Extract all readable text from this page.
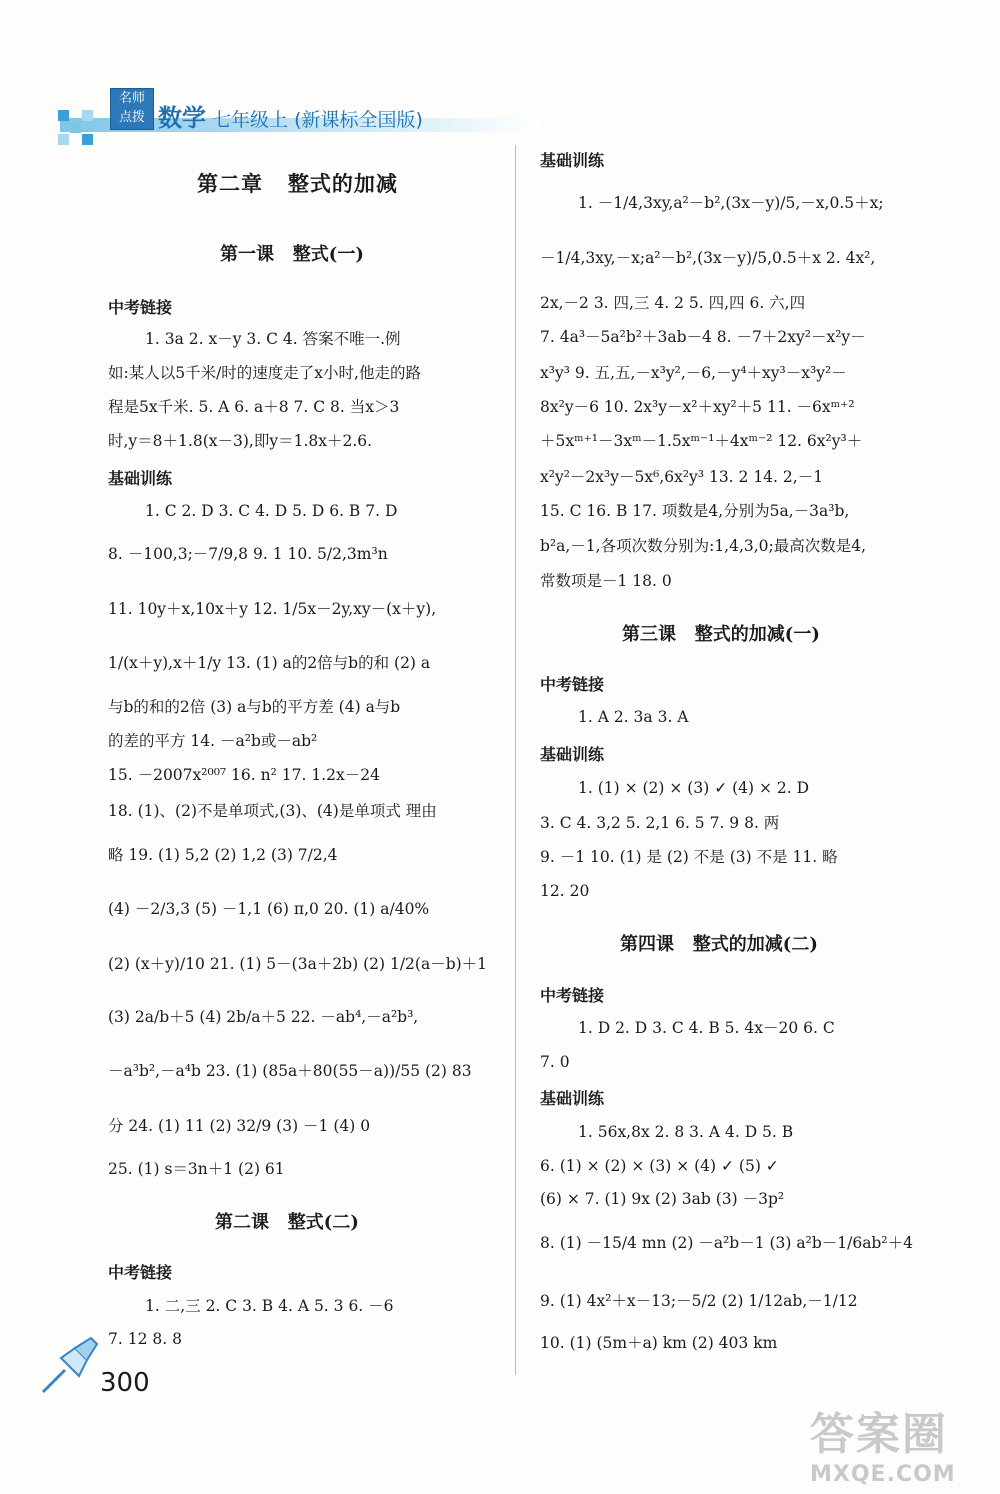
名师
点拨 数学 七年级上 (新课标全国版)
第二章   整式的加减
第一课   整式(一)
中考链接
1. 3a 2. x－y 3. C 4. 答案不唯一.例
如:某人以5千米/时的速度走了x小时,他走的路
程是5x千米. 5. A 6. a＋8 7. C 8. 当x＞3
时,y＝8＋1.8(x－3),即y＝1.8x＋2.6.
基础训练
1. C 2. D 3. C 4. D 5. D 6. B 7. D
8. －100,3;－7/9,8 9. 1 10. 5/2,3m³n
11. 10y＋x,10x＋y 12. 1/5x－2y,xy－(x＋y),
1/(x＋y),x＋1/y 13. (1) a的2倍与b的和 (2) a
与b的和的2倍 (3) a与b的平方差 (4) a与b
的差的平方 14. －a²b或－ab²
15. －2007x²⁰⁰⁷ 16. n² 17. 1.2x－24
18. (1)、(2)不是单项式,(3)、(4)是单项式 理由
略 19. (1) 5,2 (2) 1,2 (3) 7/2,4
(4) －2/3,3 (5) －1,1 (6) π,0 20. (1) a/40%
(2) (x＋y)/10 21. (1) 5－(3a＋2b) (2) 1/2(a－b)＋1
(3) 2a/b＋5 (4) 2b/a＋5 22. －ab⁴,－a²b³,
－a³b²,－a⁴b 23. (1) (85a＋80(55－a))/55 (2) 83
分 24. (1) 11 (2) 32/9 (3) －1 (4) 0
25. (1) s＝3n＋1 (2) 61
第二课   整式(二)
中考链接
1. 二,三 2. C 3. B 4. A 5. 3 6. －6
7. 12 8. 8
基础训练
1. －1/4,3xy,a²－b²,(3x－y)/5,－x,0.5＋x;
－1/4,3xy,－x;a²－b²,(3x－y)/5,0.5＋x 2. 4x²,
2x,－2 3. 四,三 4. 2 5. 四,四 6. 六,四
7. 4a³－5a²b²＋3ab－4 8. －7＋2xy²－x²y－
x³y³ 9. 五,五,－x³y²,－6,－y⁴＋xy³－x³y²－
8x²y－6 10. 2x³y－x²＋xy²＋5 11. －6xᵐ⁺²
＋5xᵐ⁺¹－3xᵐ－1.5xᵐ⁻¹＋4xᵐ⁻² 12. 6x²y³＋
x²y²－2x³y－5x⁶,6x²y³ 13. 2 14. 2,－1
15. C 16. B 17. 项数是4,分别为5a,－3a³b,
b²a,－1,各项次数分别为:1,4,3,0;最高次数是4,
常数项是－1 18. 0
第三课   整式的加减(一)
中考链接
1. A 2. 3a 3. A
基础训练
1. (1) × (2) × (3) ✓ (4) × 2. D
3. C 4. 3,2 5. 2,1 6. 5 7. 9 8. 两
9. －1 10. (1) 是 (2) 不是 (3) 不是 11. 略
12. 20
第四课   整式的加减(二)
中考链接
1. D 2. D 3. C 4. B 5. 4x－20 6. C
7. 0
基础训练
1. 56x,8x 2. 8 3. A 4. D 5. B
6. (1) × (2) × (3) × (4) ✓ (5) ✓
(6) × 7. (1) 9x (2) 3ab (3) －3p²
8. (1) －15/4 mn (2) －a²b－1 (3) a²b－1/6ab²＋4
9. (1) 4x²＋x－13;－5/2 (2) 1/12ab,－1/12
10. (1) (5m＋a) km (2) 403 km
300
答案圈
MXQE.COM
